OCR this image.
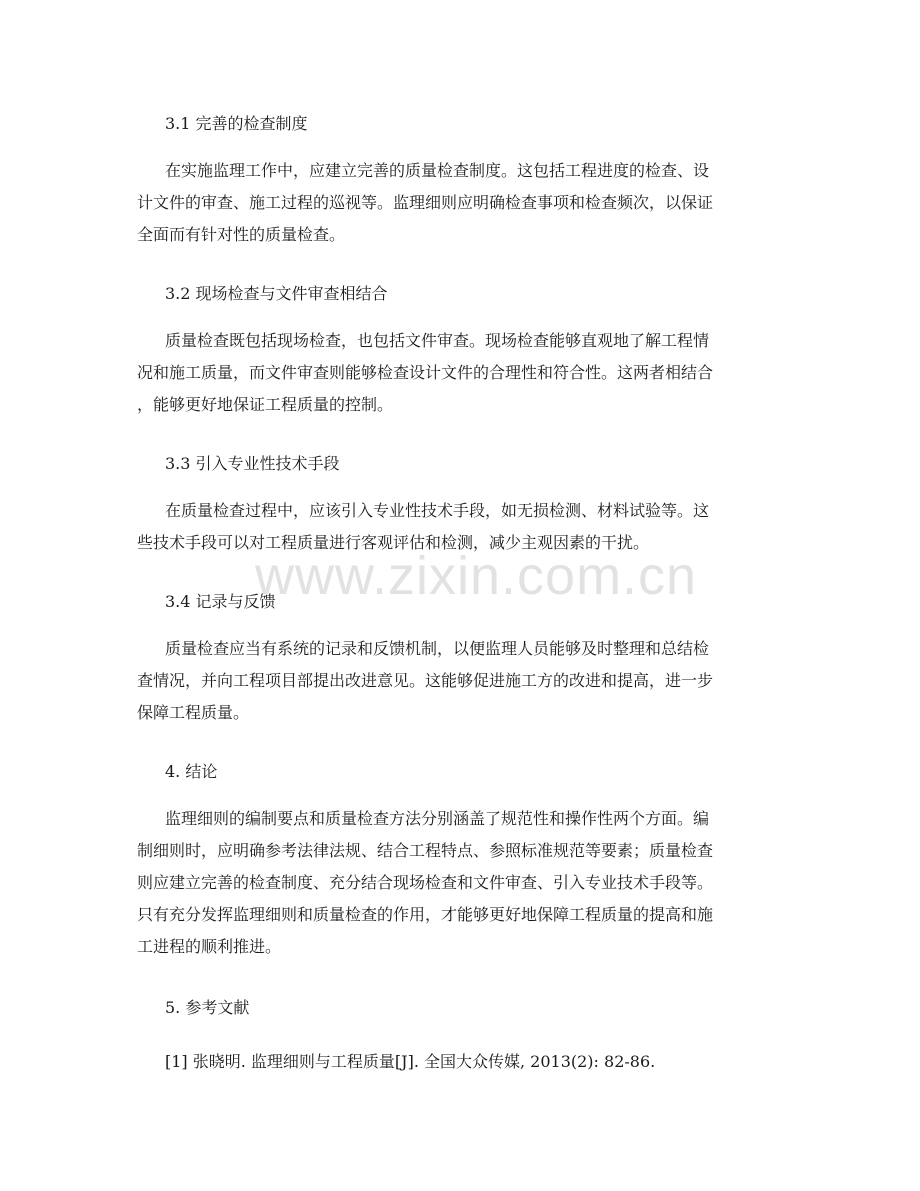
3.1 完善的检查制度

在实施监理工作中，应建立完善的质量检查制度。这包括工程进度的检查、设
计文件的审查、施工过程的巡视等。监理细则应明确检查事项和检查频次，以保证
全面而有针对性的质量检查。

3.2 现场检查与文件审查相结合

质量检查既包括现场检查，也包括文件审查。现场检查能够直观地了解工程情
况和施工质量，而文件审查则能够检查设计文件的合理性和符合性。这两者相结合
，能够更好地保证工程质量的控制。

3.3 引入专业性技术手段

在质量检查过程中，应该引入专业性技术手段，如无损检测、材料试验等。这
些技术手段可以对工程质量进行客观评估和检测，减少主观因素的干扰。

www.zixin.com.cn
3.4 记录与反馈

质量检查应当有系统的记录和反馈机制，以便监理人员能够及时整理和总结检
查情况，并向工程项目部提出改进意见。这能够促进施工方的改进和提高，进一步
保障工程质量。

4. 结论

监理细则的编制要点和质量检查方法分别涵盖了规范性和操作性两个方面。编
制细则时，应明确参考法律法规、结合工程特点、参照标准规范等要素；质量检查
则应建立完善的检查制度、充分结合现场检查和文件审查、引入专业技术手段等。
只有充分发挥监理细则和质量检查的作用，才能够更好地保障工程质量的提高和施
工进程的顺利推进。

5. 参考文献
[1] 张晓明. 监理细则与工程质量[J]. 全国大众传媒, 2013(2): 82-86.
